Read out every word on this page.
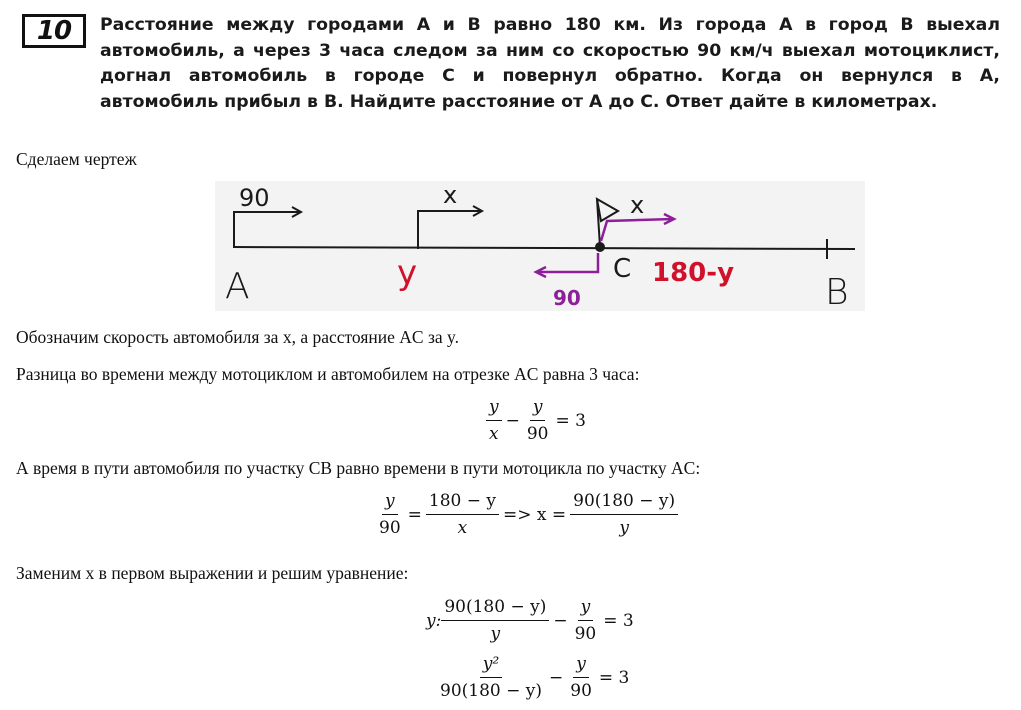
10	Расстояние между городами A и B равно 180 км. Из города A в город B выехал
автомобиль, а через 3 часа следом за ним со скоростью 90 км/ч выехал мотоциклист,
догнал автомобиль в городе C и повернул обратно. Когда он вернулся в A,
автомобиль прибыл в B. Найдите расстояние от A до C. Ответ дайте в километрах.
Сделаем чертеж
90
A
x
y	C
x
90
180-y	B
Обозначим скорость автомобиля за x, а расстояние AC за y.
Разница во времени между мотоциклом и автомобилем на отрезке AC равна 3 часа:
$\frac{y}{x} - \frac{y}{90} = 3$
А время в пути автомобиля по участку CB равно времени в пути мотоцикла по участку AC:
$\frac{y}{90} = \frac{180 - y}{x} => x = \frac{90(180 - y)}{y}$
Заменим x в первом выражении и решим уравнение:
y: $\frac{90(180 - y)}{y} - \frac{y}{90} = 3$
$\frac{\text{y²}}{90(180 - y)} - \frac{y}{90} = 3$
